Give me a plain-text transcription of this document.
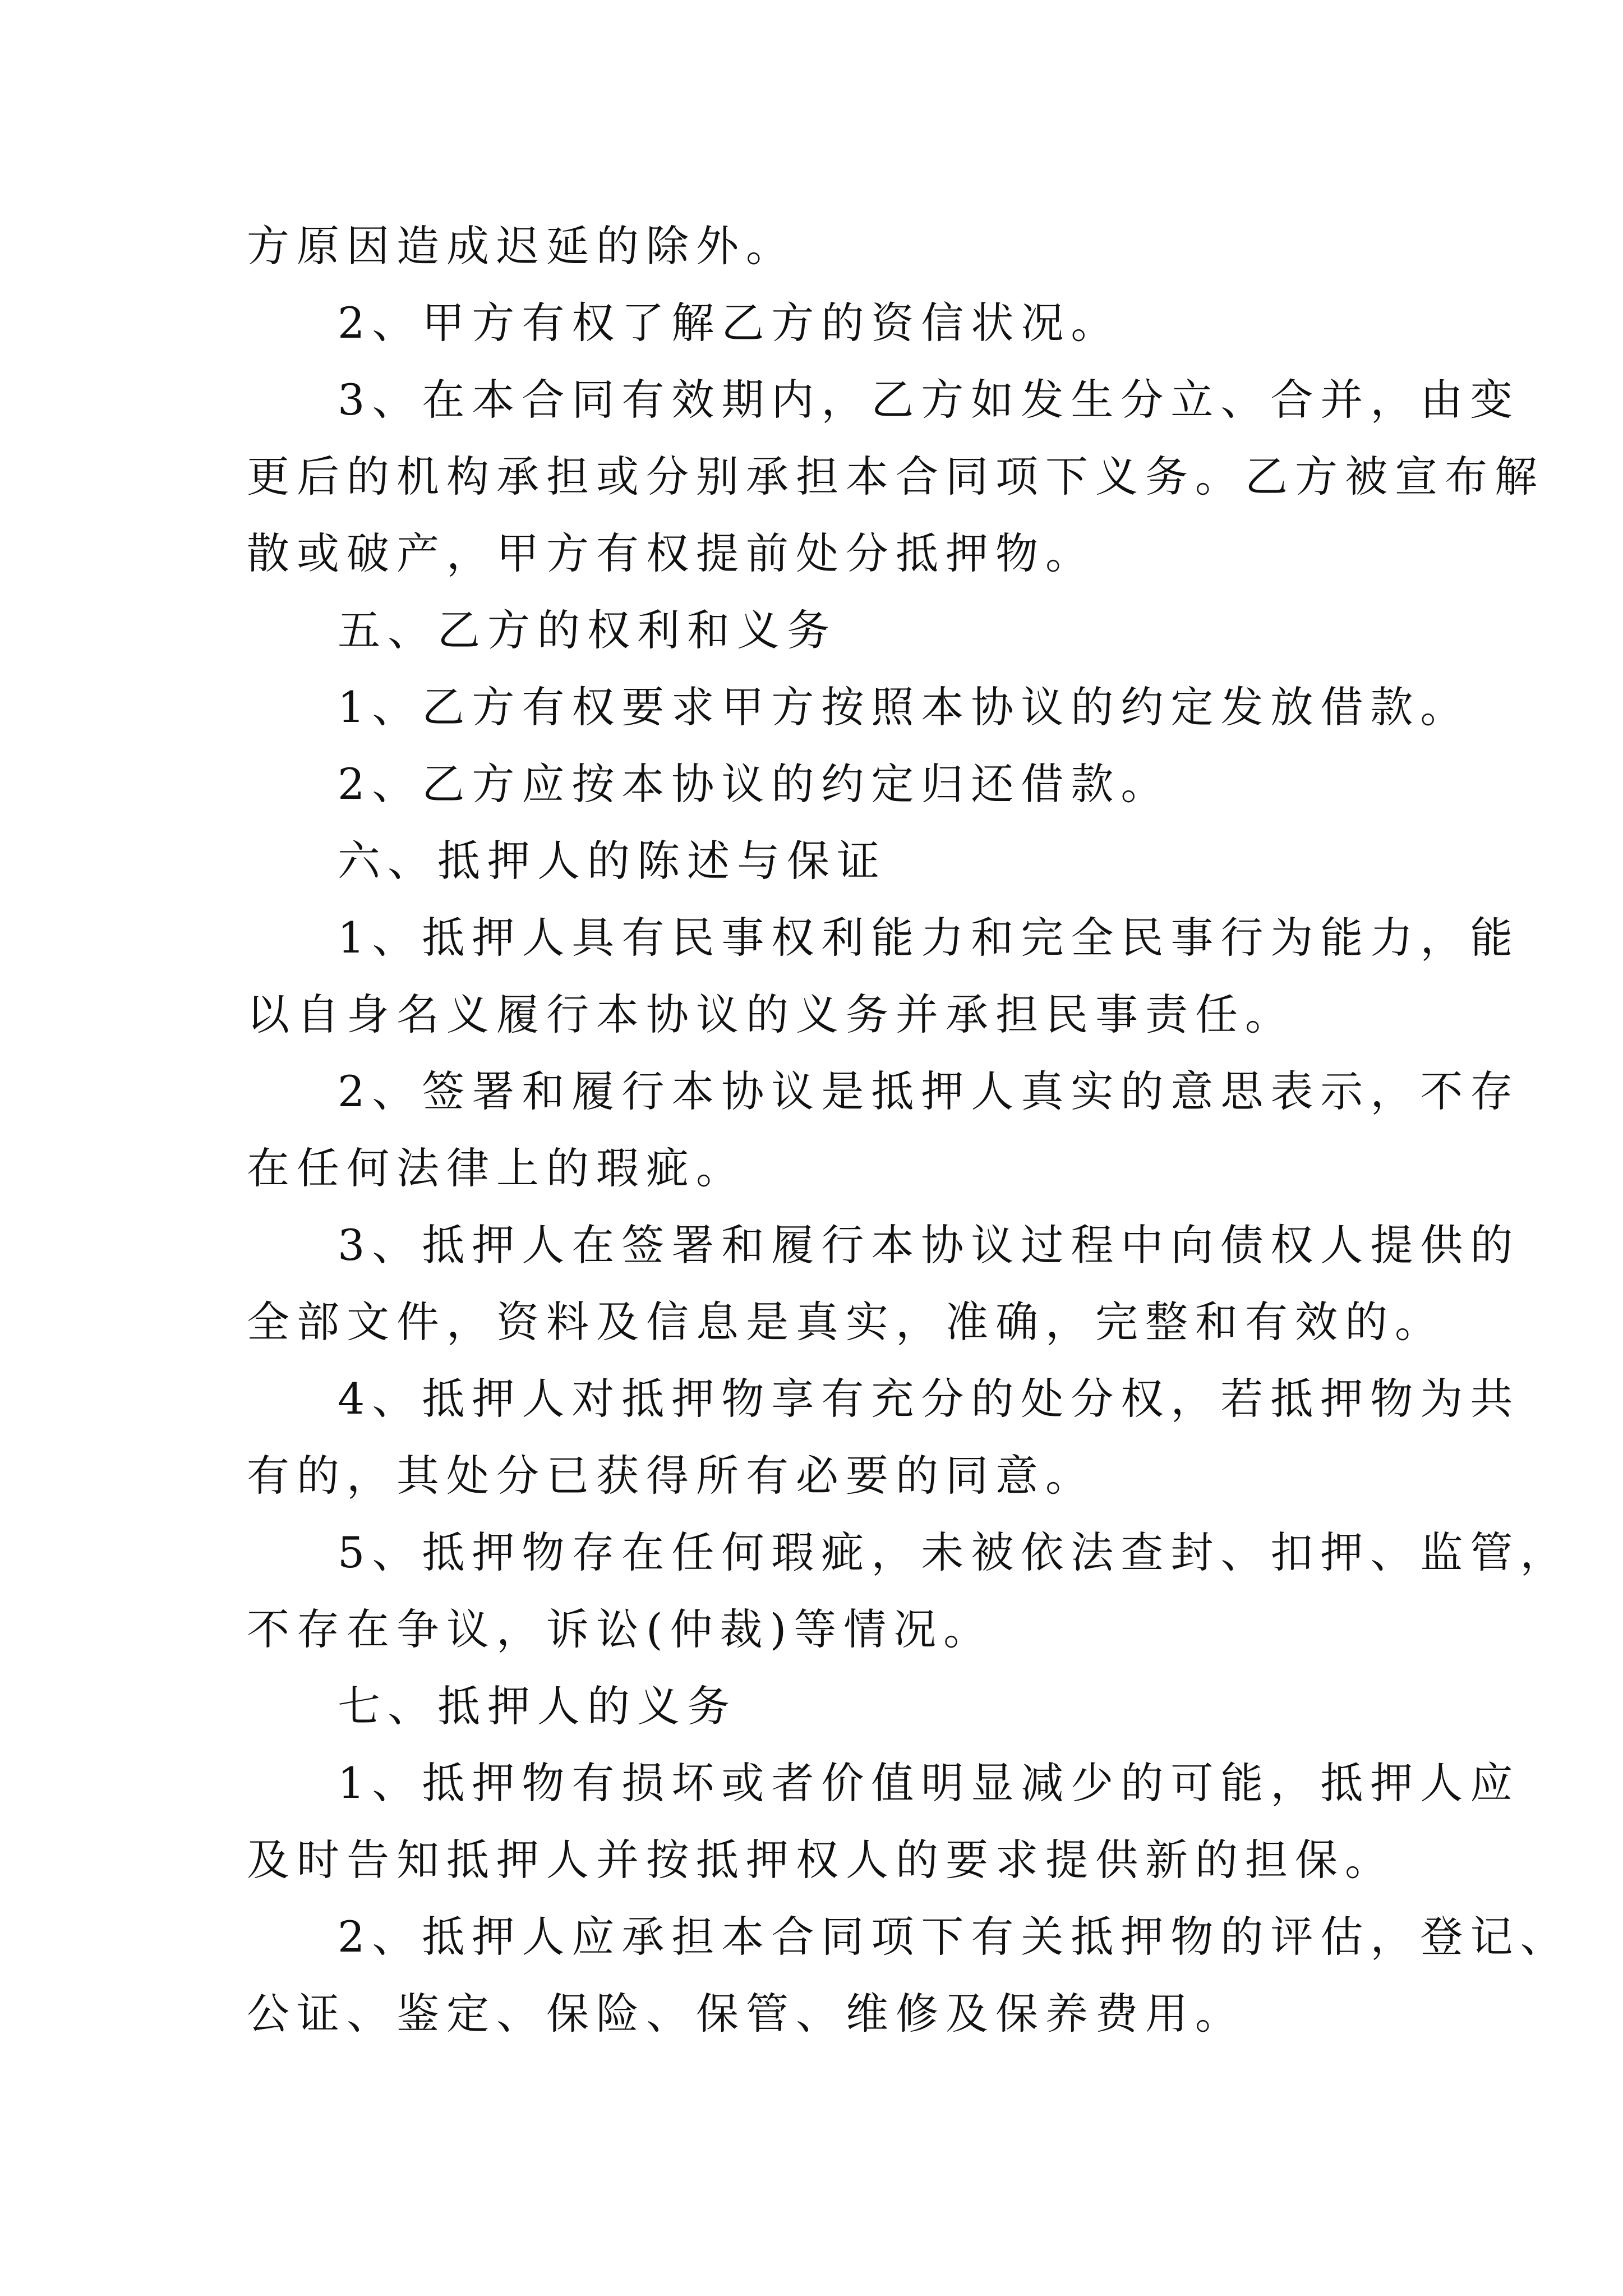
方原因造成迟延的除外。

2、甲方有权了解乙方的资信状况。

3、在本合同有效期内，乙方如发生分立、合并，由变

更后的机构承担或分别承担本合同项下义务。乙方被宣布解

散或破产，甲方有权提前处分抵押物。

五、乙方的权利和义务

1、乙方有权要求甲方按照本协议的约定发放借款。

2、乙方应按本协议的约定归还借款。

六、抵押人的陈述与保证

1、抵押人具有民事权利能力和完全民事行为能力，能

以自身名义履行本协议的义务并承担民事责任。

2、签署和履行本协议是抵押人真实的意思表示，不存

在任何法律上的瑕疵。

3、抵押人在签署和履行本协议过程中向债权人提供的

全部文件，资料及信息是真实，准确，完整和有效的。

4、抵押人对抵押物享有充分的处分权，若抵押物为共

有的，其处分已获得所有必要的同意。

5、抵押物存在任何瑕疵，未被依法查封、扣押、监管，

不存在争议，诉讼(仲裁)等情况。

七、抵押人的义务

1、抵押物有损坏或者价值明显减少的可能，抵押人应

及时告知抵押人并按抵押权人的要求提供新的担保。

2、抵押人应承担本合同项下有关抵押物的评估，登记、

公证、鉴定、保险、保管、维修及保养费用。
